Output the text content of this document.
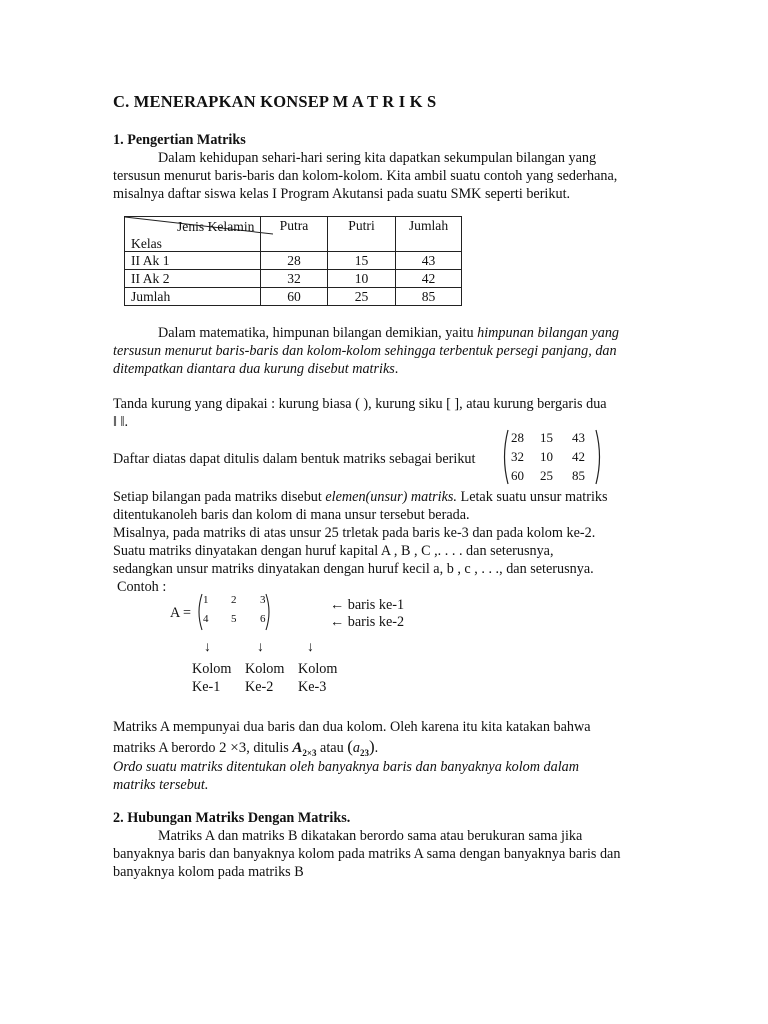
C. MENERAPKAN KONSEP M A T R I K S
1. Pengertian Matriks
Dalam kehidupan sehari-hari sering kita dapatkan sekumpulan bilangan yang
tersusun menurut baris-baris dan kolom-kolom. Kita ambil suatu contoh yang sederhana,
misalnya daftar siswa kelas I Program Akutansi pada suatu SMK seperti berikut.
Jenis Kelamin
Kelas	Putra	Putri	Jumlah
II Ak 1	28	15	43
II Ak 2	32	10	42
Jumlah	60	25	85
Dalam matematika, himpunan bilangan demikian, yaitu himpunan bilangan yang
tersusun menurut baris-baris dan kolom-kolom sehingga terbentuk persegi panjang, dan
ditempatkan diantara dua kurung disebut matriks.
Tanda kurung yang dipakai : kurung biasa ( ), kurung siku [ ], atau kurung bergaris dua
‖ ‖.
Daftar diatas dapat ditulis dalam bentuk matriks sebagai berikut
28 15 43
32 10 42
60 25 85
Setiap bilangan pada matriks disebut elemen(unsur) matriks. Letak suatu unsur matriks
ditentukanoleh baris dan kolom di mana unsur tersebut berada.
Misalnya, pada matriks di atas unsur 25 trletak pada baris ke-3 dan pada kolom ke-2.
Suatu matriks dinyatakan dengan huruf kapital A , B , C ,. . . . dan seterusnya,
sedangkan unsur matriks dinyatakan dengan huruf kecil a, b , c , . . ., dan seterusnya.
Contoh :
A =
1 2 3
4 5 6
← baris ke-1
← baris ke-2
↓	↓	↓
Kolom
Ke-1
Kolom
Ke-2
Kolom
Ke-3
Matriks A mempunyai dua baris dan dua kolom. Oleh karena itu kita katakan bahwa
matriks A berordo 2 ×3, ditulis $A_{2\times 3}$ atau $(a_{23})$.
Ordo suatu matriks ditentukan oleh banyaknya baris dan banyaknya kolom dalam
matriks tersebut.
2. Hubungan Matriks Dengan Matriks.
Matriks A dan matriks B dikatakan berordo sama atau berukuran sama jika
banyaknya baris dan banyaknya kolom pada matriks A sama dengan banyaknya baris dan
banyaknya kolom pada matriks B
